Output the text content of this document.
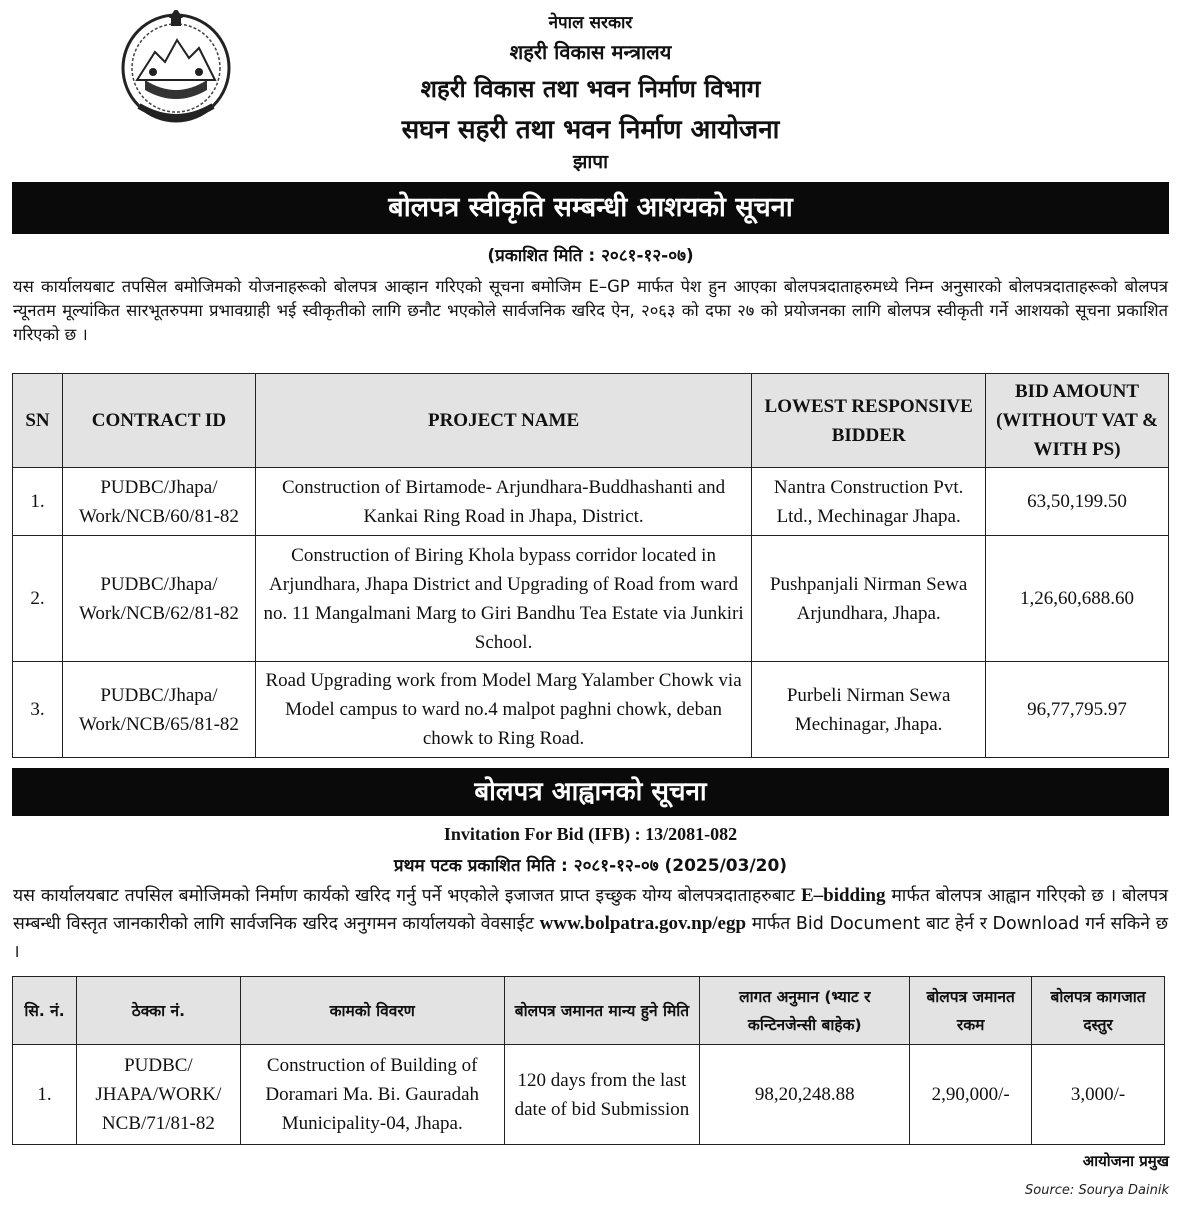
नेपाल सरकार
शहरी विकास मन्त्रालय
शहरी विकास तथा भवन निर्माण विभाग
सघन सहरी तथा भवन निर्माण आयोजना
झापा
बोलपत्र स्वीकृति सम्बन्धी आशयको सूचना
(प्रकाशित मिति : २०८१-१२-०७)
यस कार्यालयबाट तपसिल बमोजिमको योजनाहरूको बोलपत्र आव्हान गरिएको सूचना बमोजिम E–GP मार्फत पेश हुन आएका बोलपत्रदाताहरुमध्ये निम्न अनुसारको बोलपत्रदाताहरूको बोलपत्र न्यूनतम मूल्यांकित सारभूतरुपमा प्रभावग्राही भई स्वीकृतीको लागि छनौट भएकोले सार्वजनिक खरिद ऐन, २०६३ को दफा २७ को प्रयोजनका लागि बोलपत्र स्वीकृती गर्ने आशयको सूचना प्रकाशित गरिएको छ ।
SN	CONTRACT ID	PROJECT NAME	LOWEST RESPONSIVE BIDDER	BID AMOUNT (WITHOUT VAT & WITH PS)
1.	PUDBC/Jhapa/ Work/NCB/60/81-82	Construction of Birtamode- Arjundhara-Buddhashanti and Kankai Ring Road in Jhapa, District.	Nantra Construction Pvt. Ltd., Mechinagar Jhapa.	63,50,199.50
2.	PUDBC/Jhapa/ Work/NCB/62/81-82	Construction of Biring Khola bypass corridor located in Arjundhara, Jhapa District and Upgrading of Road from ward no. 11 Mangalmani Marg to Giri Bandhu Tea Estate via Junkiri School.	Pushpanjali Nirman Sewa Arjundhara, Jhapa.	1,26,60,688.60
3.	PUDBC/Jhapa/ Work/NCB/65/81-82	Road Upgrading work from Model Marg Yalamber Chowk via Model campus to ward no.4 malpot paghni chowk, deban chowk to Ring Road.	Purbeli Nirman Sewa Mechinagar, Jhapa.	96,77,795.97
बोलपत्र आह्वानको सूचना
Invitation For Bid (IFB) : 13/2081-082
प्रथम पटक प्रकाशित मिति : २०८१-१२-०७ (2025/03/20)
यस कार्यालयबाट तपसिल बमोजिमको निर्माण कार्यको खरिद गर्नु पर्ने भएकोले इजाजत प्राप्त इच्छुक योग्य बोलपत्रदाताहरुबाट E–bidding मार्फत बोलपत्र आह्वान गरिएको छ । बोलपत्र सम्बन्धी विस्तृत जानकारीको लागि सार्वजनिक खरिद अनुगमन कार्यालयको वेवसाईट www.bolpatra.gov.np/egp मार्फत Bid Document बाट हेर्न र Download गर्न सकिने छ ।
सि. नं.	ठेक्का नं.	कामको विवरण	बोलपत्र जमानत मान्य हुने मिति	लागत अनुमान (भ्याट र कन्टिनजेन्सी बाहेक)	बोलपत्र जमानत रकम	बोलपत्र कागजात दस्तुर
1.	PUDBC/ JHAPA/WORK/ NCB/71/81-82	Construction of Building of Doramari Ma. Bi. Gauradah Municipality-04, Jhapa.	120 days from the last date of bid Submission	98,20,248.88	2,90,000/-	3,000/-
आयोजना प्रमुख
Source: Sourya Dainik
